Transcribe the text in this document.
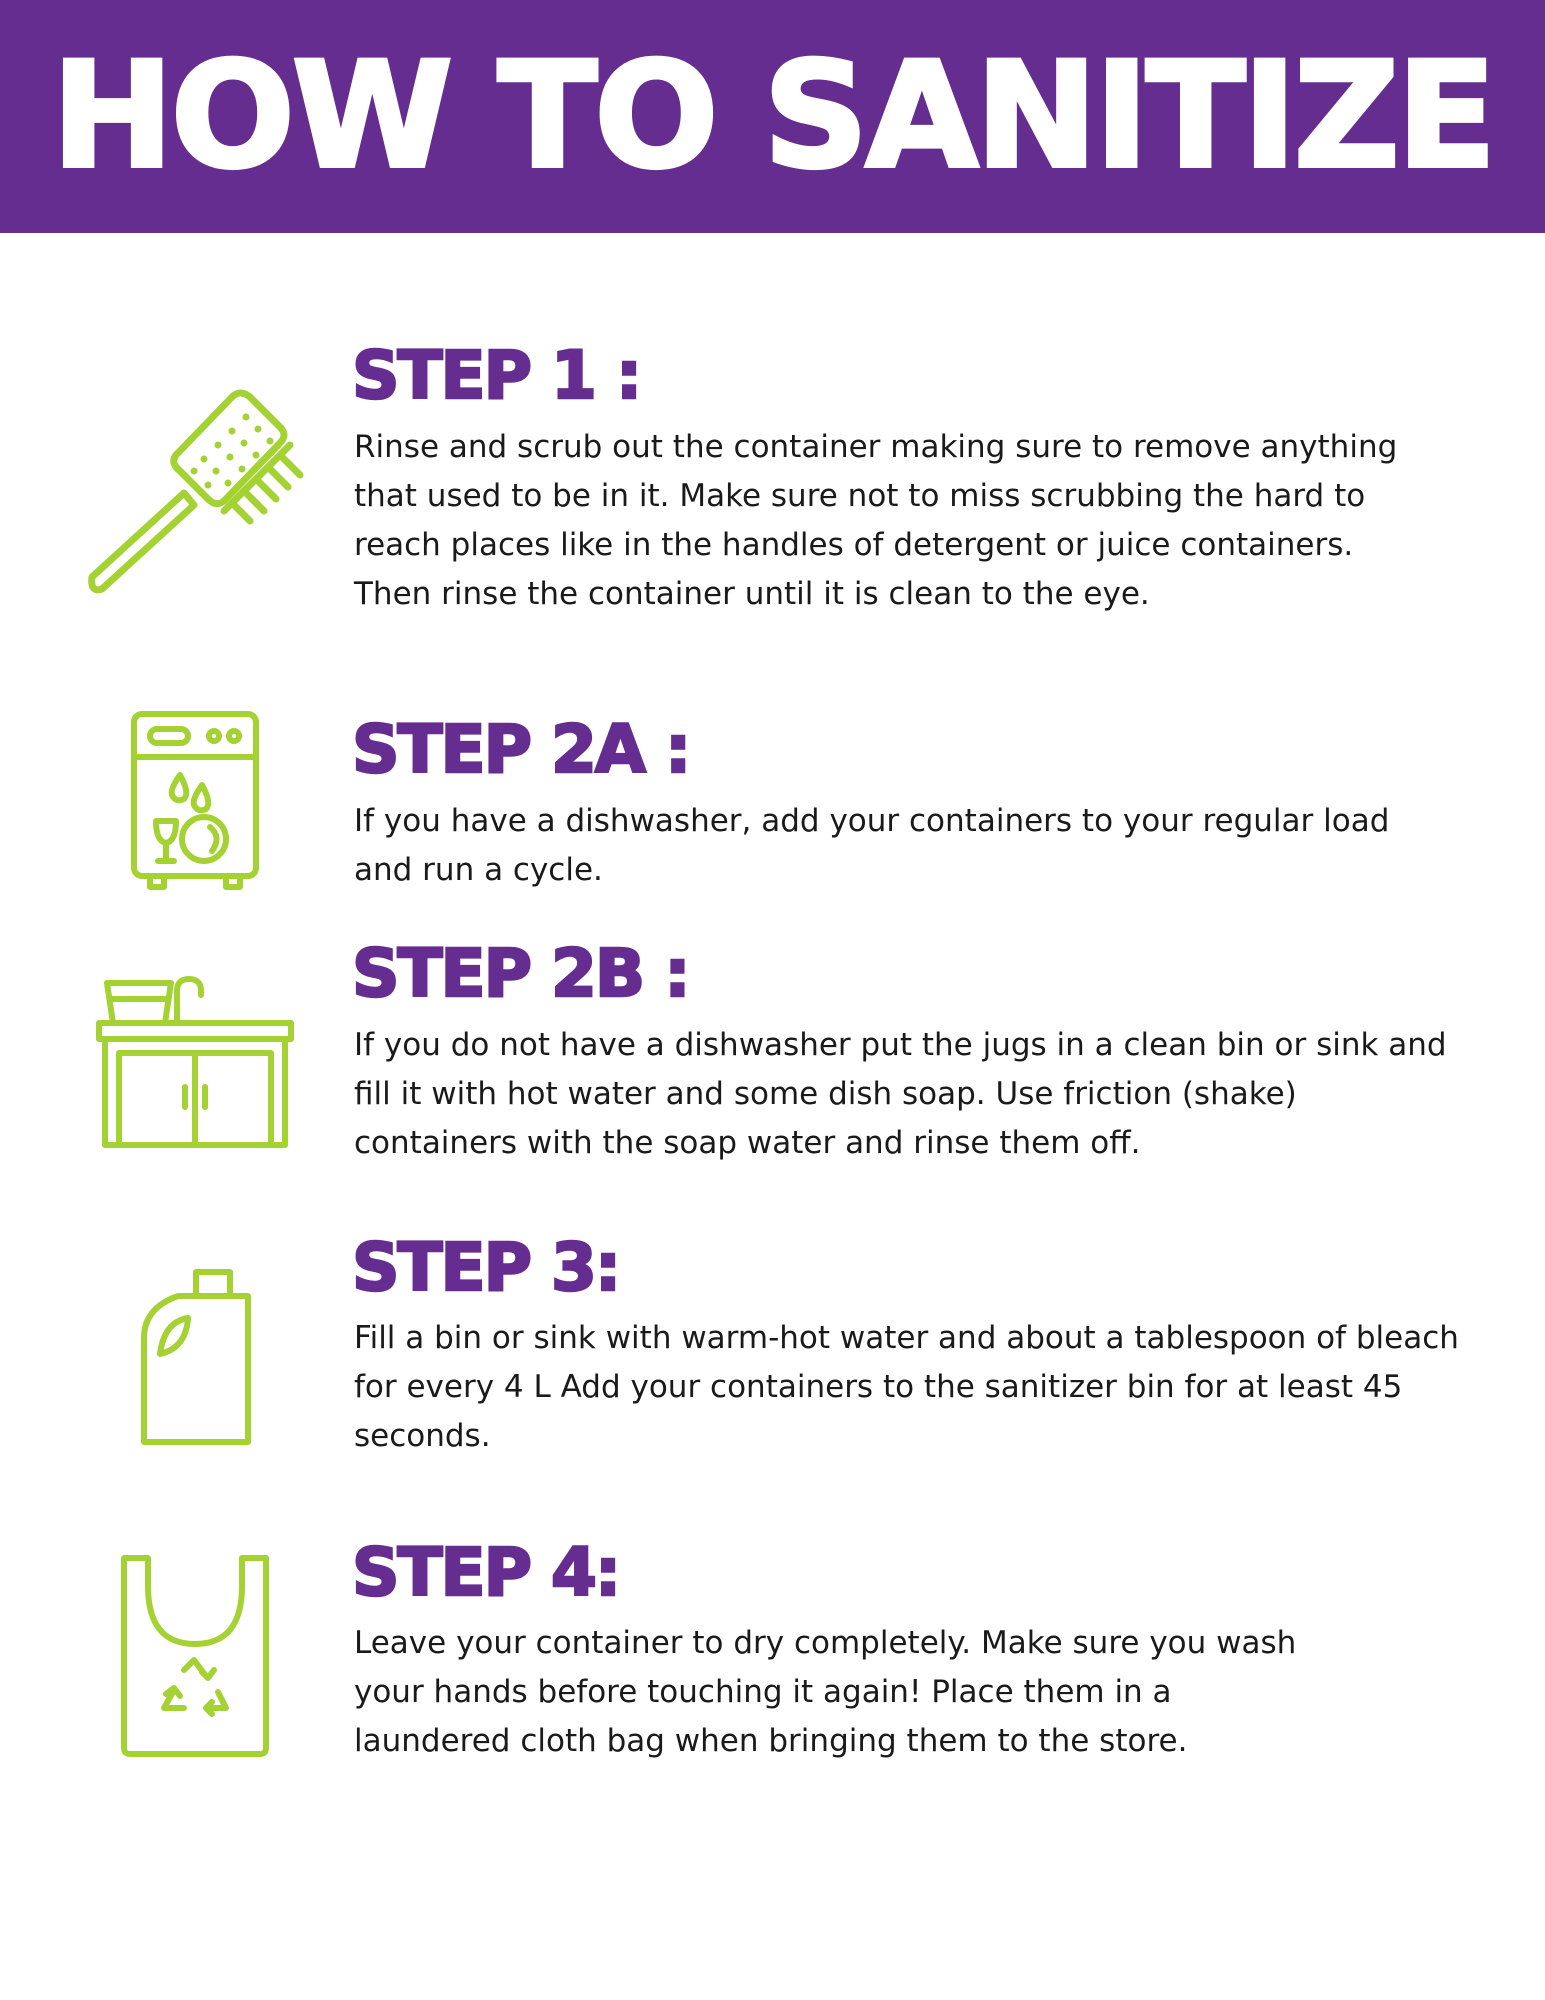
HOW TO SANITIZE
STEP 1 :

Rinse and scrub out the container making sure to remove anything that used to be in it. Make sure not to miss scrubbing the hard to reach places like in the handles of detergent or juice containers. Then rinse the container until it is clean to the eye.

STEP 2A :

If you have a dishwasher, add your containers to your regular load and run a cycle.

STEP 2B :

If you do not have a dishwasher put the jugs in a clean bin or sink and fill it with hot water and some dish soap. Use friction (shake) containers with the soap water and rinse them off.

STEP 3:

Fill a bin or sink with warm-hot water and about a tablespoon of bleach for every 4 L Add your containers to the sanitizer bin for at least 45 seconds.

STEP 4:

Leave your container to dry completely. Make sure you wash your hands before touching it again! Place them in a laundered cloth bag when bringing them to the store.
